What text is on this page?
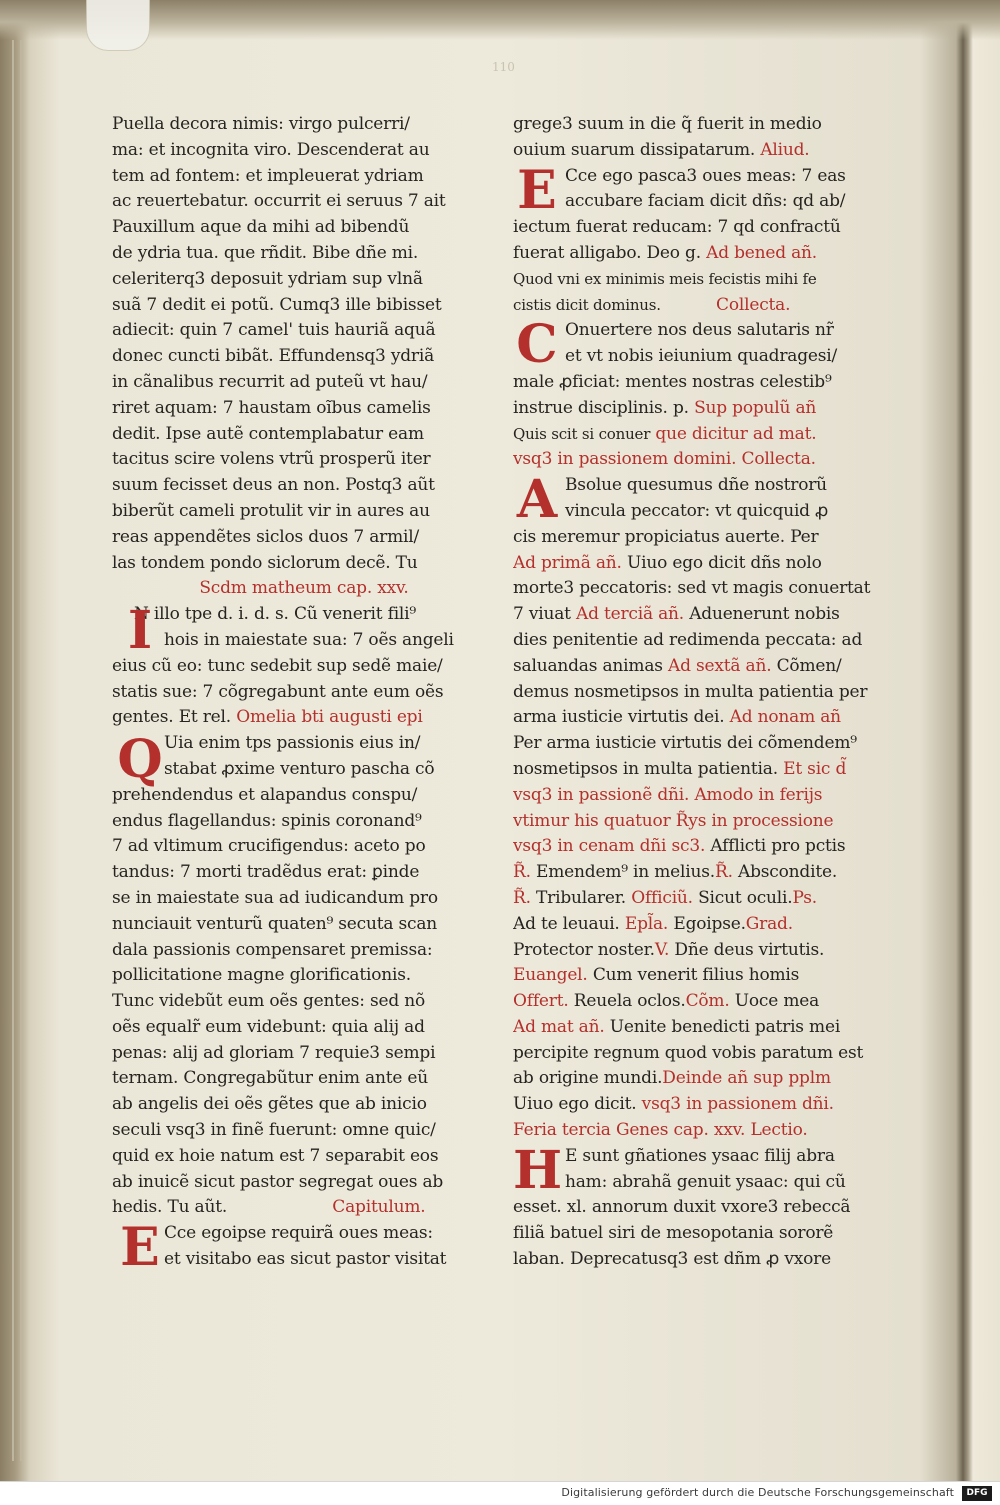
110
Puella decora nimis: virgo pulcerri/
ma: et incognita viro. Descenderat au
tem ad fontem: et impleuerat ydriam
ac reuertebatur. occurrit ei seruus 7 ait
Pauxillum aque da mihi ad bibendũ
de ydria tua. que rñdit. Bibe dñe mi.
celeriterq3 deposuit ydriam sup vlnã
suã 7 dedit ei potũ. Cumq3 ille bibisset
adiecit: quin 7 camel' tuis hauriã aquã
donec cuncti bibãt. Effundensq3 ydriã
in cãnalibus recurrit ad puteũ vt hau/
riret aquam: 7 haustam oĩbus camelis
dedit. Ipse autẽ contemplabatur eam
tacitus scire volens vtrũ prosperũ iter
suum fecisset deus an non. Postq3 aũt
biberũt cameli protulit vir in aures au
reas appendẽtes siclos duos 7 armil/
las tondem pondo siclorum decẽ. Tu
Scdm matheum cap. xxv.
I
N illo tpe d. i. d. s. Cũ venerit fili⁹
hois in maiestate sua: 7 oẽs angeli
eius cũ eo: tunc sedebit sup sedẽ maie/
statis sue: 7 cõgregabunt ante eum oẽs
gentes. Et rel. Omelia bti augusti epi
Q Uia enim tps passionis eius in/
stabat ꝓxime venturo pascha cõ
prehendendus et alapandus conspu/
endus flagellandus: spinis coronand⁹
7 ad vltimum crucifigendus: aceto po
tandus: 7 morti tradẽdus erat: ꝑinde
se in maiestate sua ad iudicandum pro
nunciauit venturũ quaten⁹ secuta scan
dala passionis compensaret premissa:
pollicitatione magne glorificationis.
Tunc videbũt eum oẽs gentes: sed nõ
oẽs equalr̃ eum videbunt: quia alij ad
penas: alij ad gloriam 7 requie3 sempi
ternam. Congregabũtur enim ante eũ
ab angelis dei oẽs gẽtes que ab inicio
seculi vsq3 in finẽ fuerunt: omne quic/
quid ex hoie natum est 7 separabit eos
ab inuicẽ sicut pastor segregat oues ab
hedis. Tu aũt.	Capitulum.
E Cce egoipse requirã oues meas:
et visitabo eas sicut pastor visitat
grege3 suum in die q̃ fuerit in medio
ouium suarum dissipatarum. Aliud.
E Cce ego pasca3 oues meas: 7 eas
accubare faciam dicit dñs: qd ab/
iectum fuerat reducam: 7 qd confractũ
fuerat alligabo. Deo g. Ad bened añ.
Quod vni ex minimis meis fecistis mihi fe
cistis dicit dominus.	Collecta.
C Onuertere nos deus salutaris nr̃
et vt nobis ieiunium quadragesi/
male ꝓficiat: mentes nostras celestib⁹
instrue disciplinis. p. Sup populũ añ
Quis scit si conuer que dicitur ad mat.
vsq3 in passionem domini. Collecta.
A Bsolue quesumus dñe nostrorũ
vincula peccator: vt quicquid ꝓ
cis meremur propiciatus auerte. Per
Ad primã añ. Uiuo ego dicit dñs nolo
morte3 peccatoris: sed vt magis conuertat
7 viuat Ad terciã añ. Aduenerunt nobis
dies penitentie ad redimenda peccata: ad
saluandas animas Ad sextã añ. Cõmen/
demus nosmetipsos in multa patientia per
arma iusticie virtutis dei. Ad nonam añ
Per arma iusticie virtutis dei cõmendem⁹
nosmetipsos in multa patientia. Et sic d̃
vsq3 in passionẽ dñi. Amodo in ferijs
vtimur his quatuor R̃ys in processione
vsq3 in cenam dñi sc3. Afflicti pro pctis
R̃. Emendem⁹ in melius.R̃. Abscondite.
R̃. Tribularer. Officiũ. Sicut oculi.Ps.
Ad te leuaui. Epl̃a. Egoipse.Grad.
Protector noster.V. Dñe deus virtutis.
Euangel. Cum venerit filius homis
Offert. Reuela oclos.Cõm. Uoce mea
Ad mat añ. Uenite benedicti patris mei
percipite regnum quod vobis paratum est
ab origine mundi.Deinde añ sup pplm
Uiuo ego dicit. vsq3 in passionem dñi.
Feria tercia Genes cap. xxv. Lectio.
H E sunt gñationes ysaac filij abra
ham: abrahã genuit ysaac: qui cũ
esset. xl. annorum duxit vxore3 rebeccã
filiã batuel siri de mesopotania sororẽ
laban. Deprecatusq3 est dñm ꝓ vxore
Digitalisierung gefördert durch die Deutsche Forschungsgemeinschaft	DFG
